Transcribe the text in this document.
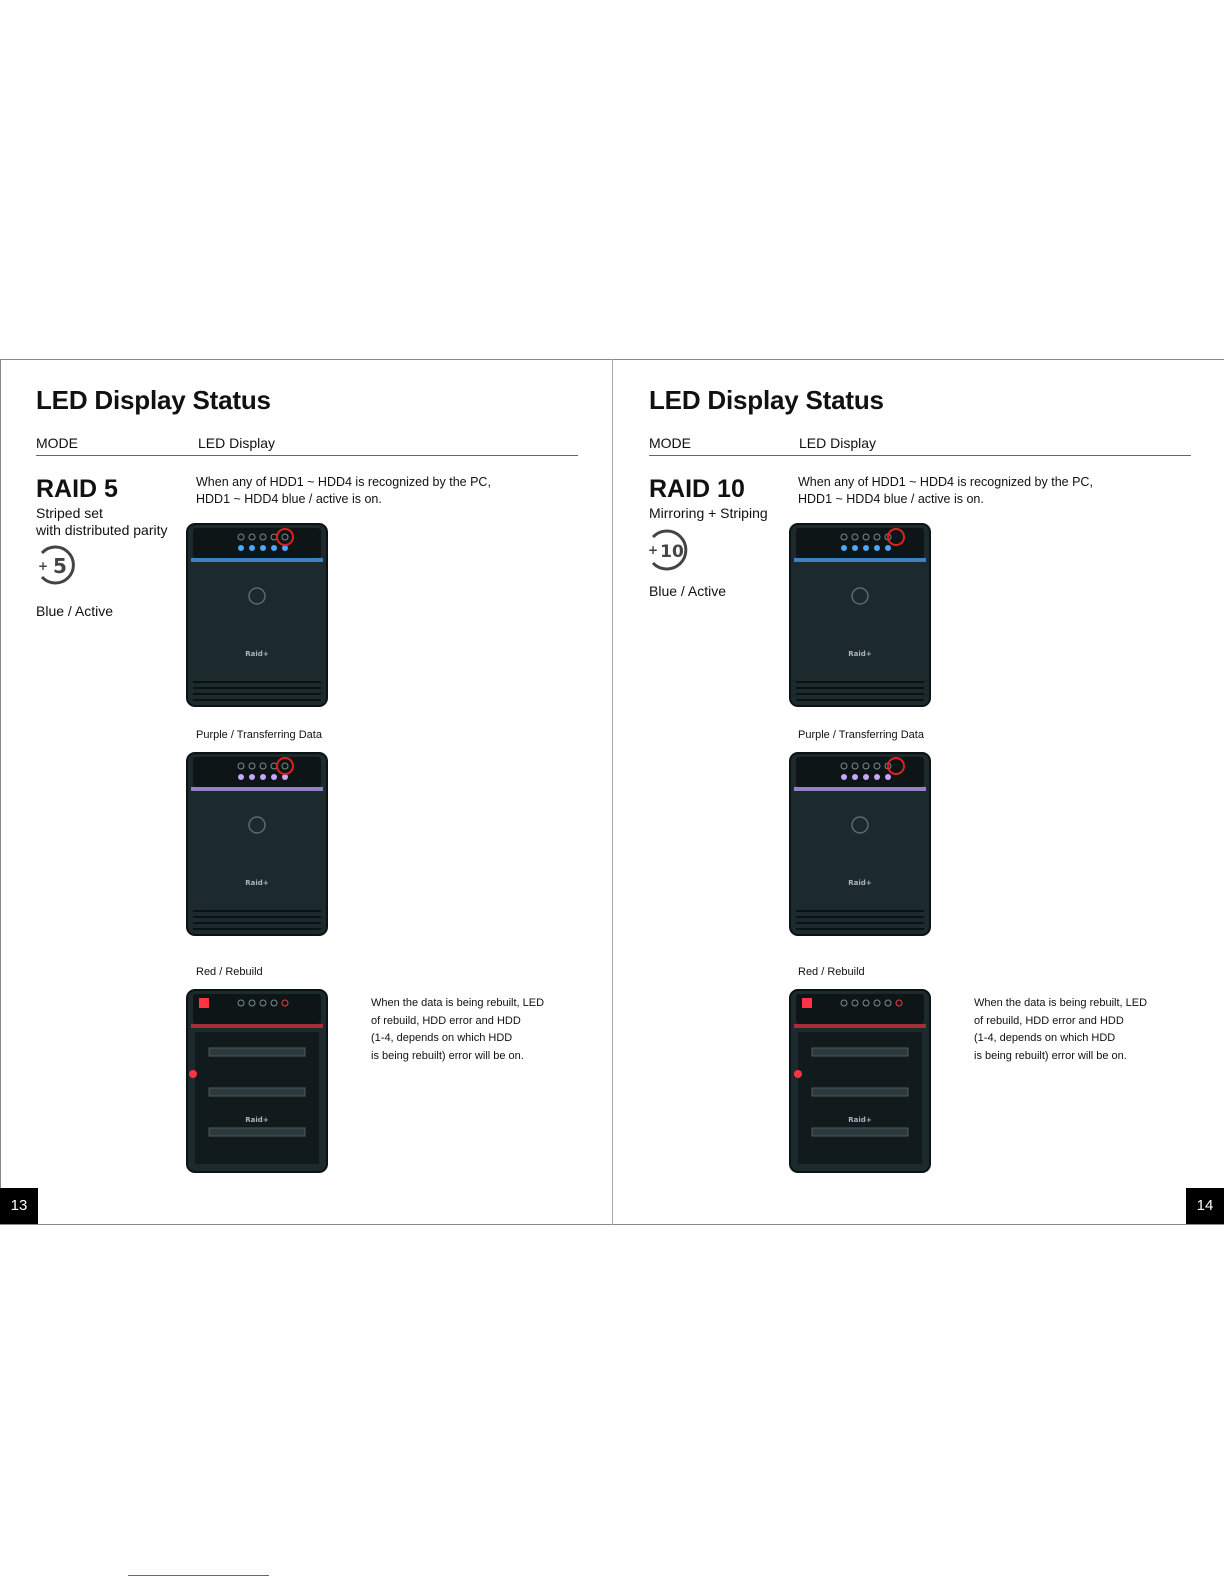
LED Display Status
MODE	LED Display
RAID 5
Striped set
with distributed parity
+ 5
Blue / Active
When any of HDD1 ~ HDD4 is recognized by the PC,
HDD1 ~ HDD4 blue / active is on.
Raid+
Purple / Transferring Data
Raid+
Red / Rebuild
Raid+
When the data is being rebuilt, LED
of rebuild, HDD error and HDD
(1-4, depends on which HDD
is being rebuilt) error will be on.
13
LED Display Status
MODE	LED Display
RAID 10
Mirroring + Striping
+ 10
Blue / Active
When any of HDD1 ~ HDD4 is recognized by the PC,
HDD1 ~ HDD4 blue / active is on.
Raid+
Purple / Transferring Data
Raid+
Red / Rebuild
Raid+
When the data is being rebuilt, LED
of rebuild, HDD error and HDD
(1-4, depends on which HDD
is being rebuilt) error will be on.
14
